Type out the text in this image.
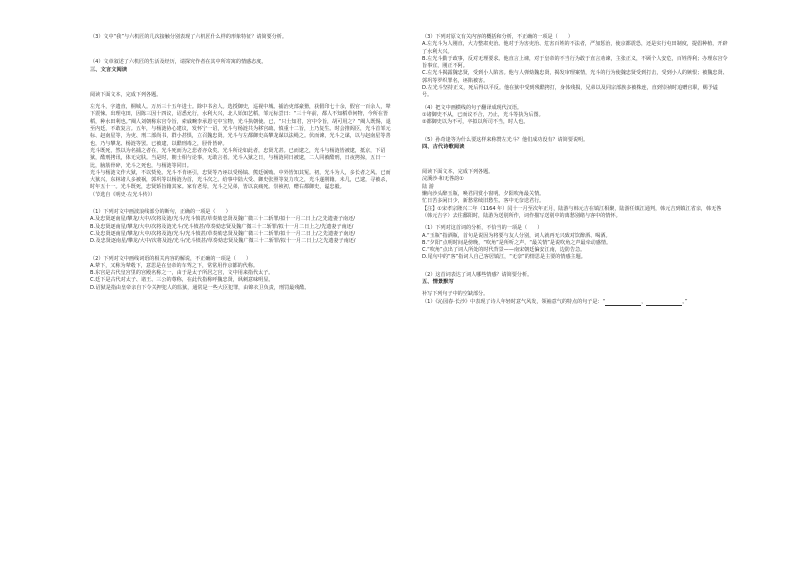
（3）文中“我”与六机匠的几次接触分别表现了六机匠什么样的形象特征？请简要分析。

（4）文章叙述了六机匠的生活及经历，请探究作者在其中所寄寓的情感态度。

三、文言文阅读

阅读下面文本，完成下列各题。

左光斗，字遗直，桐城人。万历三十五年进士。除中书舍人。选授御史，巡视中城。捕治吏部豪猾，获假印七十余，假官一百余人，辇下震悚。出理屯田，因陈三因十四议，诏悉允行，水利大兴，北人始知艺稻，邹元标尝曰：“三十年前，都人不知稻草何物，今所在皆稻，种水田利也。”阉人刘朝称东宫令旨，索戚畹李承恩宅中宝物，光斗执朝使。已，“只士知君，宫中令旨，胡可用之？”阉人既惕，退至内廷，不敢复言。五年，与杨涟协心建议，发怀宁一诏，光斗与杨涟共为移宫疏，慎重十二旨，上乃复生。时会推阁臣，光斗首邹元标、赵南星等，为吏、刑二部尚书，群小甚惧，立召魏忠贤。光斗与左都御史高攀龙谋以法绳之。伏而谏，光斗之谋，以与赵南星等善也，乃与攀龙、杨涟等罢。已被逮，以酷刑毒之，胫骨皆碎。

光斗既死，然以为名捕之者在，光斗死而为之悲者亦众矣。光斗所论如此者，忠贤尤甚。已而逮之，光斗与杨涟皆被逮，抵京，下诏狱，酷刑拷讯，体无完肤。当是时，朝士相与论事，无敢言者。光斗入狱之日，与杨涟同日被逮，二人同被酷刑，日夜拷掠，五日一比，脑筋骨碎，光斗之死也，与杨涟等同日。

光斗与杨涟文作大狱，不以赀免。光斗不肯诬引，忠贤等乃诬以受杨镐、熊廷弼贿。中外皆知其冤。初，光斗为人，多长者之风。已而大狱兴，东林诸人多被祸，郭巩等以杨涟为首，光斗次之。给事中陆大受、御史张照等复力攻之，光斗遂削籍。未几，已逮，寻被杀，时年五十一。光斗既死，忠贤矫旨籍其家。家有老母，光斗之兄弟，皆以哀痛死。崇祯初，赠右都御史，谥忠毅。

（节选自《明史·左光斗传》）

（1）下列对文中画波浪线部分的断句，正确的一项是（　　）

A.及忠贤逐南星/攀龙/大中/次将及涟/光斗/光斗愤甚/草奏劾忠贤及魏广微三十二斩罪/拟十一月二日上/之先遗妻子南还/

B.及忠贤逐南星/攀龙/大中/次将及涟光斗/光斗愤甚/草奏劾忠贤及魏广微三十二斩罪/拟十一月二日上之/先遗妻子南还/

C.及忠贤逐南星/攀龙/大中/次将及涟/光斗/光斗愤甚/草奏劾忠贤及魏广微三十二斩罪/拟十一月二日上/之先遗妻子南还/

D.及忠贤逐南星/攀龙/大中/次将及涟/光斗/光斗愤甚/草奏劾忠贤及魏广微三十二斩罪/拟十一月二日上/之先遗妻子南还/

（2）下列对文中画线词语的相关内容的解说，不正确的一项是（　　）

A.辇下，又称为辇毂下，意思是在皇帝的车驾之下，常常用作京都的代称。

B.东宫是古代皇宫里的宫殿名称之一，由于是太子所居之宫，文中用来指代太子。

C.廷下是古代对太子、诸王、三公的尊称，在此代指称呼魏忠贤，讽刺意味明显。

D.诏狱是指由皇帝亲自下令关押犯人的监狱，通常是一些大臣犯罪，由锦衣卫负责，刑罚最残酷。

（3）下列对原文有关内容的概括和分析，不正确的一项是（　　）

A.左光斗为人刚直，大力整肃吏治。他对于为害吏治、危害百姓的不法者，严加惩治，使京都震恐，还是实行屯田制度，提倡种植，开辟了水利大兴。

B.左光斗勤于政事，反对无理要求。他直言上谏，对于皇帝的不当行为敢于直言劝谏，主张正义，不顾个人安危，百姓得利；办理东宫令旨事宜，刚正不阿。

C.左光斗揭露魏忠贤，受到小人陷害。他与人弹劾魏忠贤，揭发审理案情，光斗的行为使魏忠贤受到打击，受到小人的嫉恨；被魏忠贤、郭巩等罗织罪名，诬陷被害。

D.左光斗坚持正义，死后得以平反。他在狱中受到残酷拷打，身体残损，兄弟以及同宗部族多被株连，直到崇祯时追赠官职，赐予谥号。

（4）把文中画横线的句子翻译成现代汉语。

①诸御史不从，已而议不合，乃止，光斗等执为后图。

②都御史以为不可，卒拟以所司不当，时人也。

（5）孙奇逢等为什么要这样来称赞左光斗？他们成功没有？请简要说明。

四、古代诗歌阅读

阅读下面文本，完成下列各题。

浣溪沙·和无咎韵①

陆 游

懒向沙头醉玉瓶，唤君同赏小窗明。夕阳吹角最关情。

忙日苦多闲日少，新愁常续旧愁生。客中无奈送君行。

【注】①宋孝宗隆兴二年（1164 年）闰十一月至次年正月，陆游与韩元吉在镇江相聚，陆游任镇江通判，韩元吉到镇江省亲，韩无咎（韩元吉字）去往鄱阳时，陆游为送别所作，词作描写送别中的离愁别绪与客中的情怀。

（1）下列对这首词的分析，不恰当的一项是（　　）

A.“玉瓶”指酒瓶，首句是说因为将要与友人分别，词人就再无兴致对饮醉酒、喝酒。

B.“夕阳”点明时间是傍晚，“吹角”是所听之声，“最关情”是说吹角之声最牵动感情。

C.“吹角”点出了词人所处的时代背景——南宋朝廷偏安江南，边防告急。

D.尾句中的“客”指词人自己客居镇江，“无奈”的情思是主要的情感主题。

（2）这首词表达了词人哪些情感？请简要分析。

五、情景默写

补写下列句子中的空缺部分。

（1）《沁园春·长沙》中表现了诗人年轻时意气风发，领袖意气的特点的句子是：“	，	。”
